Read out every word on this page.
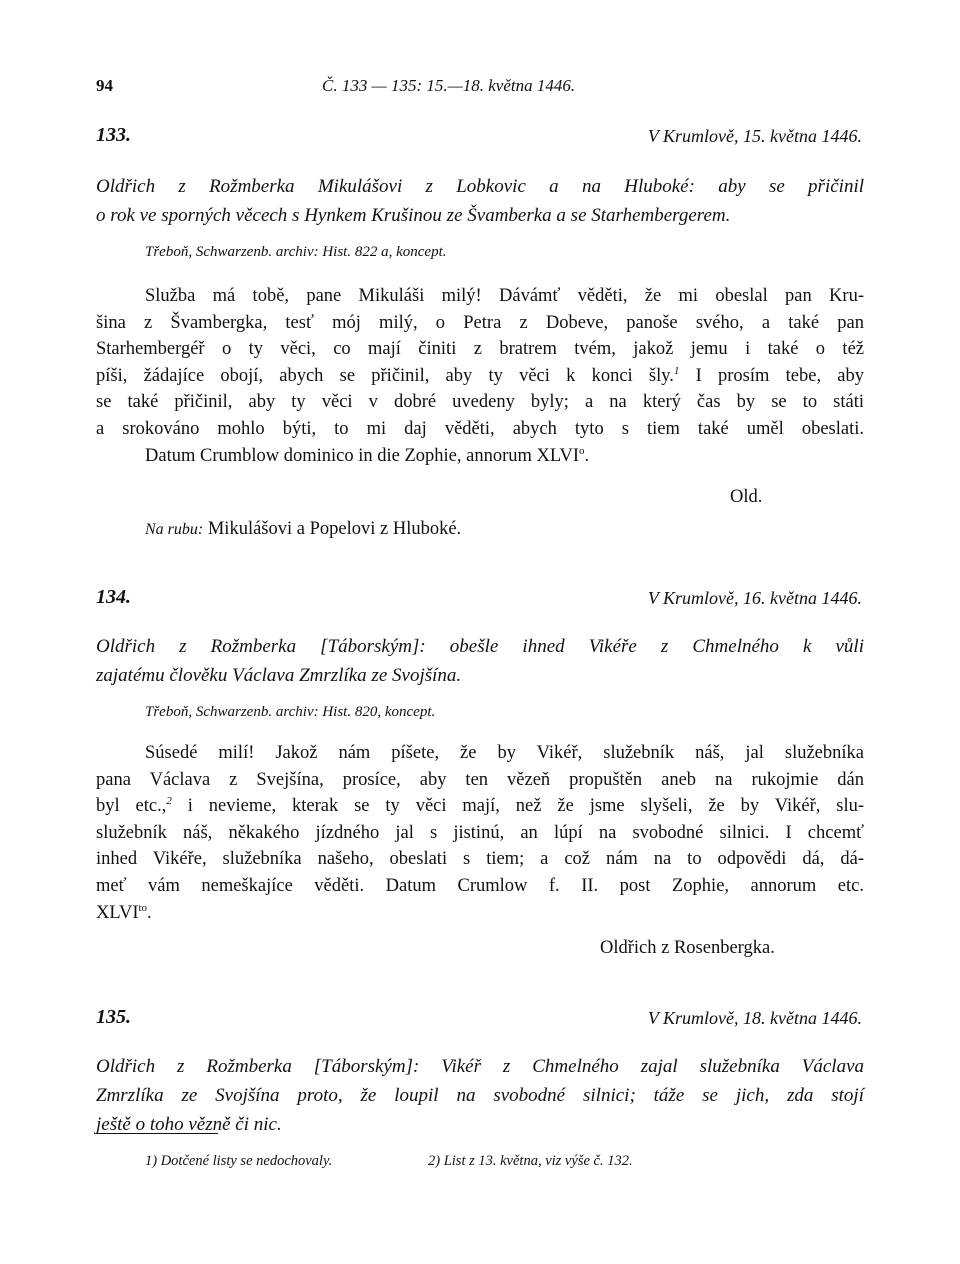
94	Č. 133 — 135: 15.—18. května 1446.
133.	V Krumlově, 15. května 1446.
Oldřich z Rožmberka Mikulášovi z Lobkovic a na Hluboké: aby se přičinil
o rok ve sporných věcech s Hynkem Krušinou ze Švamberka a se Starhembergerem.
Třeboň, Schwarzenb. archiv: Hist. 822 a, koncept.
Služba má tobě, pane Mikuláši milý! Dávámť věděti, že mi obeslal pan Kru-
šina z Švambergka, tesť mój milý, o Petra z Dobeve, panoše svého, a také pan
Starhembergéř o ty věci, co mají činiti z bratrem tvém, jakož jemu i také o též
píši, žádajíce obojí, abych se přičinil, aby ty věci k konci šly.$^1$ I prosím tebe, aby
se také přičinil, aby ty věci v dobré uvedeny byly; a na který čas by se to státi
a srokováno mohlo býti, to mi daj věděti, abych tyto s tiem také uměl obeslati.
Datum Crumblow dominico in die Zophie, annorum XLVI$^o$.
Old.
Na rubu: Mikulášovi a Popelovi z Hluboké.
134.	V Krumlově, 16. května 1446.
Oldřich z Rožmberka [Táborským]: obešle ihned Vikéře z Chmelného k vůli
zajatému člověku Václava Zmrzlíka ze Svojšína.
Třeboň, Schwarzenb. archiv: Hist. 820, koncept.
Súsedé milí! Jakož nám píšete, že by Vikéř, služebník náš, jal služebníka
pana Václava z Svejšína, prosíce, aby ten vězeň propuštěn aneb na rukojmie dán
byl etc.,$^2$ i nevieme, kterak se ty věci mají, než že jsme slyšeli, že by Vikéř, slu-
služebník náš, někakého jízdného jal s jistinú, an lúpí na svobodné silnici. I chcemť
inhed Vikéře, služebníka našeho, obeslati s tiem; a což nám na to odpovědi dá, dá-
meť vám nemeškajíce věděti. Datum Crumlow f. II. post Zophie, annorum etc.
$XLVI^{to}$.
Oldřich z Rosenbergka.
135.	V Krumlově, 18. května 1446.
Oldřich z Rožmberka [Táborským]: Vikéř z Chmelného zajal služebníka Václava
Zmrzlíka ze Svojšína proto, že loupil na svobodné silnici; táže se jich, zda stojí
ještě o toho vězně či nic.
1) Dotčené listy se nedochovaly.	2) List z 13. května, viz výše č. 132.
